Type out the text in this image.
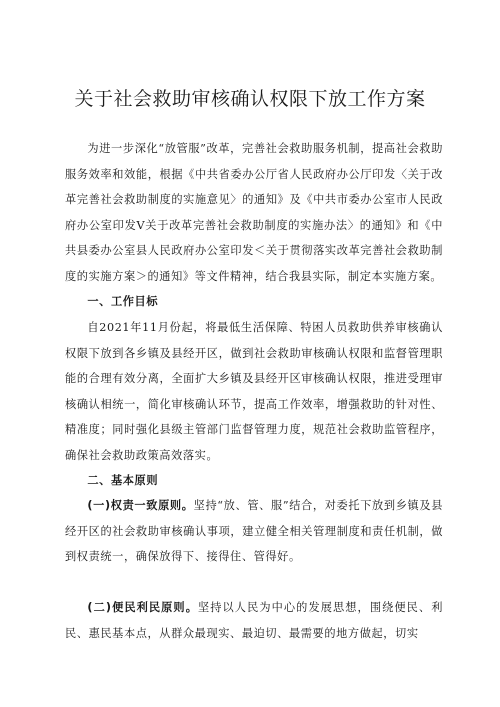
关于社会救助审核确认权限下放工作方案

为进一步深化“放管服”改革，完善社会救助服务机制，提高社会救助服务效率和效能，根据《中共省委办公厅省人民政府办公厅印发〈关于改革完善社会救助制度的实施意见〉的通知》及《中共市委办公室市人民政府办公室印发V关于改革完善社会救助制度的实施办法〉的通知》和《中共县委办公室县人民政府办公室印发＜关于贯彻落实改革完善社会救助制度的实施方案＞的通知》等文件精神，结合我县实际，制定本实施方案。

一、工作目标

自2021年11月份起，将最低生活保障、特困人员救助供养审核确认权限下放到各乡镇及县经开区，做到社会救助审核确认权限和监督管理职能的合理有效分离，全面扩大乡镇及县经开区审核确认权限，推进受理审核确认相统一，简化审核确认环节，提高工作效率，增强救助的针对性、精准度；同时强化县级主管部门监督管理力度，规范社会救助监管程序，确保社会救助政策高效落实。

二、基本原则

(一)权责一致原则。坚持“放、管、服”结合，对委托下放到乡镇及县经开区的社会救助审核确认事项，建立健全相关管理制度和责任机制，做到权责统一，确保放得下、接得住、管得好。

(二)便民利民原则。坚持以人民为中心的发展思想，围绕便民、利民、惠民基本点，从群众最现实、最迫切、最需要的地方做起，切实
